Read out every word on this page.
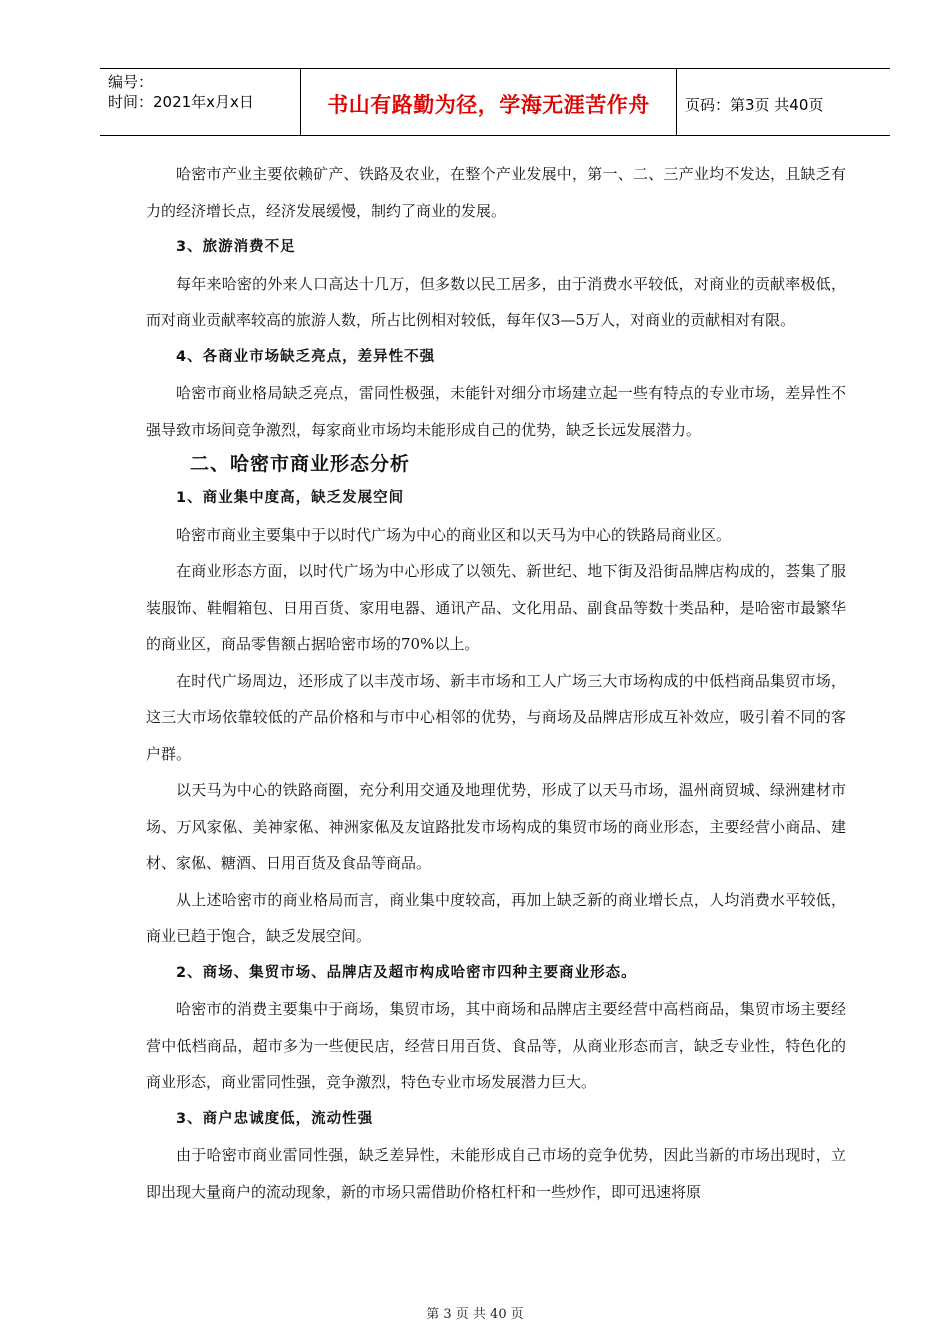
编号：
时间：2021年x月x日	书山有路勤为径，学海无涯苦作舟 页码：第3页 共40页

哈密市产业主要依赖矿产、铁路及农业，在整个产业发展中，第一、二、三产业均不发达，且缺乏有力的经济增长点，经济发展缓慢，制约了商业的发展。

3、旅游消费不足

每年来哈密的外来人口高达十几万，但多数以民工居多，由于消费水平较低，对商业的贡献率极低，而对商业贡献率较高的旅游人数，所占比例相对较低，每年仅3—5万人，对商业的贡献相对有限。

4、各商业市场缺乏亮点，差异性不强

哈密市商业格局缺乏亮点，雷同性极强，未能针对细分市场建立起一些有特点的专业市场，差异性不强导致市场间竞争激烈，每家商业市场均未能形成自己的优势，缺乏长远发展潜力。

二、哈密市商业形态分析

1、商业集中度高，缺乏发展空间

哈密市商业主要集中于以时代广场为中心的商业区和以天马为中心的铁路局商业区。

在商业形态方面，以时代广场为中心形成了以领先、新世纪、地下街及沿街品牌店构成的，荟集了服装服饰、鞋帽箱包、日用百货、家用电器、通讯产品、文化用品、副食品等数十类品种，是哈密市最繁华的商业区，商品零售额占据哈密市场的70%以上。

在时代广场周边，还形成了以丰茂市场、新丰市场和工人广场三大市场构成的中低档商品集贸市场，这三大市场依靠较低的产品价格和与市中心相邻的优势，与商场及品牌店形成互补效应，吸引着不同的客户群。

以天马为中心的铁路商圈，充分利用交通及地理优势，形成了以天马市场，温州商贸城、绿洲建材市场、万风家俬、美神家俬、神洲家俬及友谊路批发市场构成的集贸市场的商业形态，主要经营小商品、建材、家俬、糖酒、日用百货及食品等商品。

从上述哈密市的商业格局而言，商业集中度较高，再加上缺乏新的商业增长点，人均消费水平较低，商业已趋于饱合，缺乏发展空间。

2、商场、集贸市场、品牌店及超市构成哈密市四种主要商业形态。

哈密市的消费主要集中于商场，集贸市场，其中商场和品牌店主要经营中高档商品，集贸市场主要经营中低档商品，超市多为一些便民店，经营日用百货、食品等，从商业形态而言，缺乏专业性，特色化的商业形态，商业雷同性强，竞争激烈，特色专业市场发展潜力巨大。

3、商户忠诚度低，流动性强

由于哈密市商业雷同性强，缺乏差异性，未能形成自己市场的竞争优势，因此当新的市场出现时，立即出现大量商户的流动现象，新的市场只需借助价格杠杆和一些炒作，即可迅速将原

第 3 页 共 40 页
